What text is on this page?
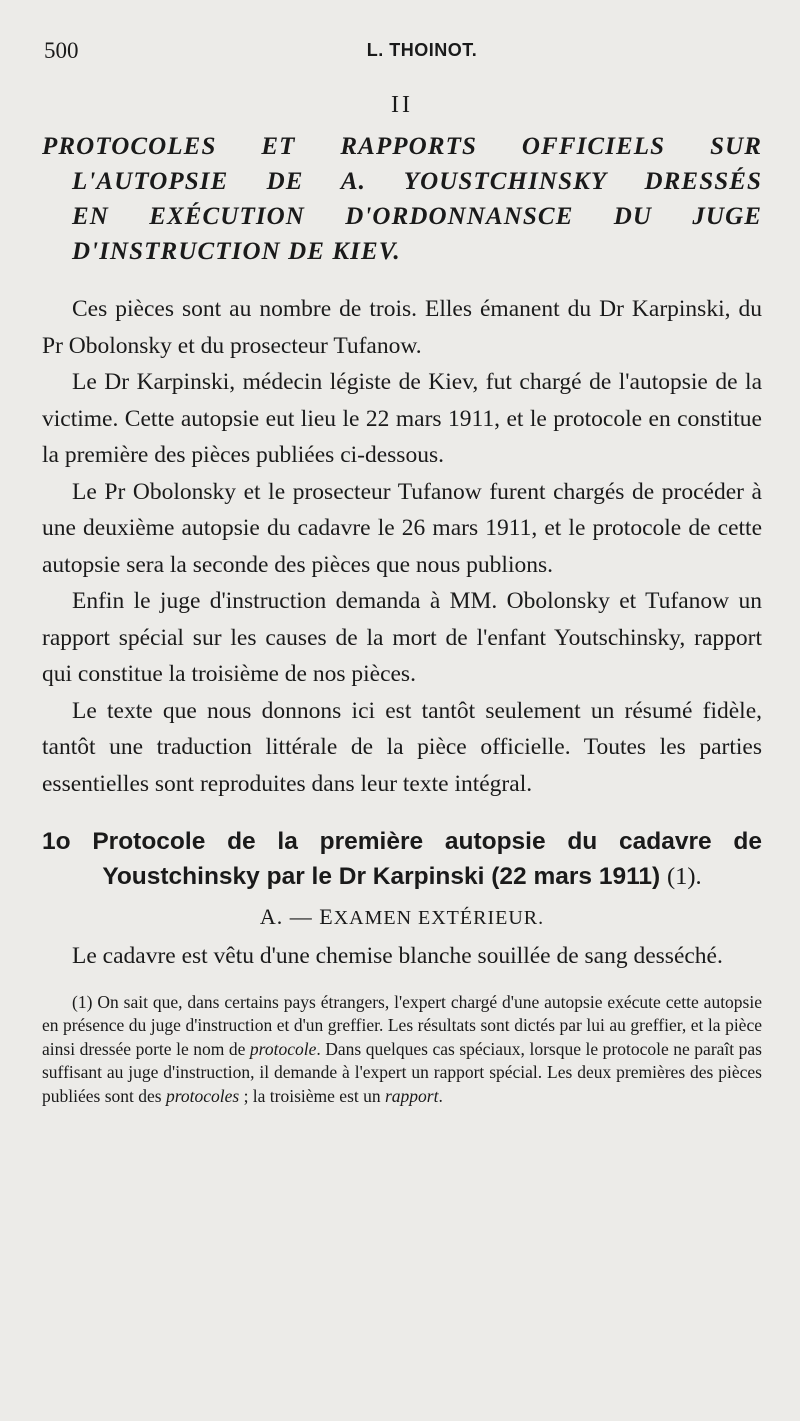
500	L. THOINOT.
II
PROTOCOLES ET RAPPORTS OFFICIELS SUR
L'AUTOPSIE DE A. YOUSTCHINSKY DRESSÉS
EN EXÉCUTION D'ORDONNANSCE DU JUGE
D'INSTRUCTION DE KIEV.

Ces pièces sont au nombre de trois. Elles émanent du Dr Karpinski, du Pr Obolonsky et du prosecteur Tufanow.

Le Dr Karpinski, médecin légiste de Kiev, fut chargé de l'autopsie de la victime. Cette autopsie eut lieu le 22 mars 1911, et le protocole en constitue la première des pièces publiées ci-dessous.

Le Pr Obolonsky et le prosecteur Tufanow furent chargés de procéder à une deuxième autopsie du cadavre le 26 mars 1911, et le protocole de cette autopsie sera la seconde des pièces que nous publions.

Enfin le juge d'instruction demanda à MM. Obolonsky et Tufanow un rapport spécial sur les causes de la mort de l'enfant Youtschinsky, rapport qui constitue la troisième de nos pièces.

Le texte que nous donnons ici est tantôt seulement un résumé fidèle, tantôt une traduction littérale de la pièce officielle. Toutes les parties essentielles sont reproduites dans leur texte intégral.

1o Protocole de la première autopsie du cadavre de
Youstchinsky par le Dr Karpinski (22 mars 1911) (1).
A. — EXAMEN EXTÉRIEUR.

Le cadavre est vêtu d'une chemise blanche souillée de sang desséché.

(1) On sait que, dans certains pays étrangers, l'expert chargé d'une autopsie exécute cette autopsie en présence du juge d'instruction et d'un greffier. Les résultats sont dictés par lui au greffier, et la pièce ainsi dressée porte le nom de protocole. Dans quelques cas spéciaux, lorsque le protocole ne paraît pas suffisant au juge d'instruction, il demande à l'expert un rapport spécial. Les deux premières des pièces publiées sont des protocoles ; la troisième est un rapport.
